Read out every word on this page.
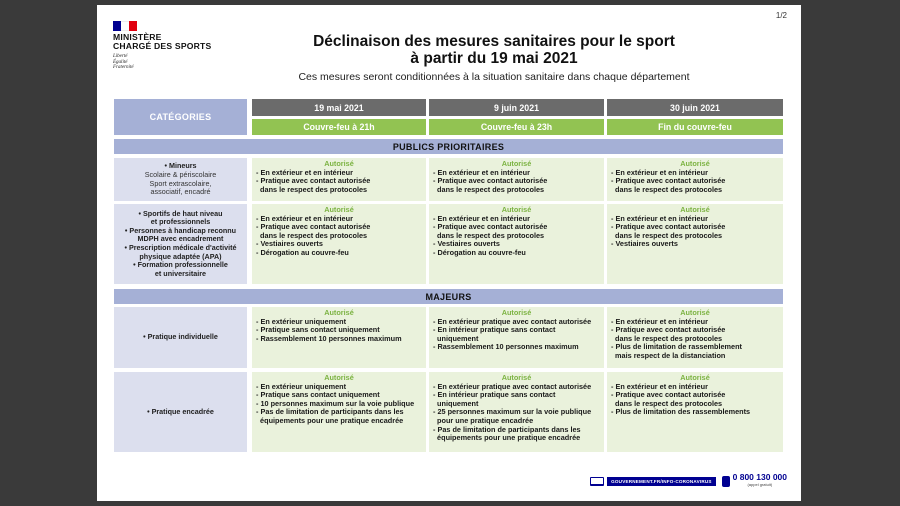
1/2
MINISTÈRE
CHARGÉ DES SPORTS
Liberté
Égalité
Fraternité
Déclinaison des mesures sanitaires pour le sport
à partir du 19 mai 2021
Ces mesures seront conditionnées à la situation sanitaire dans chaque département
CATÉGORIES
19 mai 2021	9 juin 2021	30 juin 2021
Couvre-feu à 21h	Couvre-feu à 23h	Fin du couvre-feu
PUBLICS PRIORITAIRES
• Mineurs
Scolaire & périscolaire
Sport extrascolaire,
associatif, encadré
Autorisé
- En extérieur et en intérieur
- Pratique avec contact autorisée
dans le respect des protocoles
Autorisé
- En extérieur et en intérieur
- Pratique avec contact autorisée
dans le respect des protocoles
Autorisé
- En extérieur et en intérieur
- Pratique avec contact autorisée
dans le respect des protocoles
• Sportifs de haut niveau
et professionnels
• Personnes à handicap reconnu
MDPH avec encadrement
• Prescription médicale d'activité
physique adaptée (APA)
• Formation professionnelle
et universitaire
Autorisé
- En extérieur et en intérieur
- Pratique avec contact autorisée
dans le respect des protocoles
- Vestiaires ouverts
- Dérogation au couvre-feu
Autorisé
- En extérieur et en intérieur
- Pratique avec contact autorisée
dans le respect des protocoles
- Vestiaires ouverts
- Dérogation au couvre-feu
Autorisé
- En extérieur et en intérieur
- Pratique avec contact autorisée
dans le respect des protocoles
- Vestiaires ouverts
MAJEURS
• Pratique individuelle
Autorisé
- En extérieur uniquement
- Pratique sans contact uniquement
- Rassemblement 10 personnes maximum
Autorisé
- En extérieur pratique avec contact autorisée
- En intérieur pratique sans contact
uniquement
- Rassemblement 10 personnes maximum
Autorisé
- En extérieur et en intérieur
- Pratique avec contact autorisée
dans le respect des protocoles
- Plus de limitation de rassemblement
mais respect de la distanciation
• Pratique encadrée
Autorisé
- En extérieur uniquement
- Pratique sans contact uniquement
- 10 personnes maximum sur la voie publique
- Pas de limitation de participants dans les
équipements pour une pratique encadrée
Autorisé
- En extérieur pratique avec contact autorisée
- En intérieur pratique sans contact
uniquement
- 25 personnes maximum sur la voie publique
pour une pratique encadrée
- Pas de limitation de participants dans les
équipements pour une pratique encadrée
Autorisé
- En extérieur et en intérieur
- Pratique avec contact autorisée
dans le respect des protocoles
- Plus de limitation des rassemblements
GOUVERNEMENT.FR/INFO-CORONAVIRUS	0 800 130 000
(appel gratuit)
